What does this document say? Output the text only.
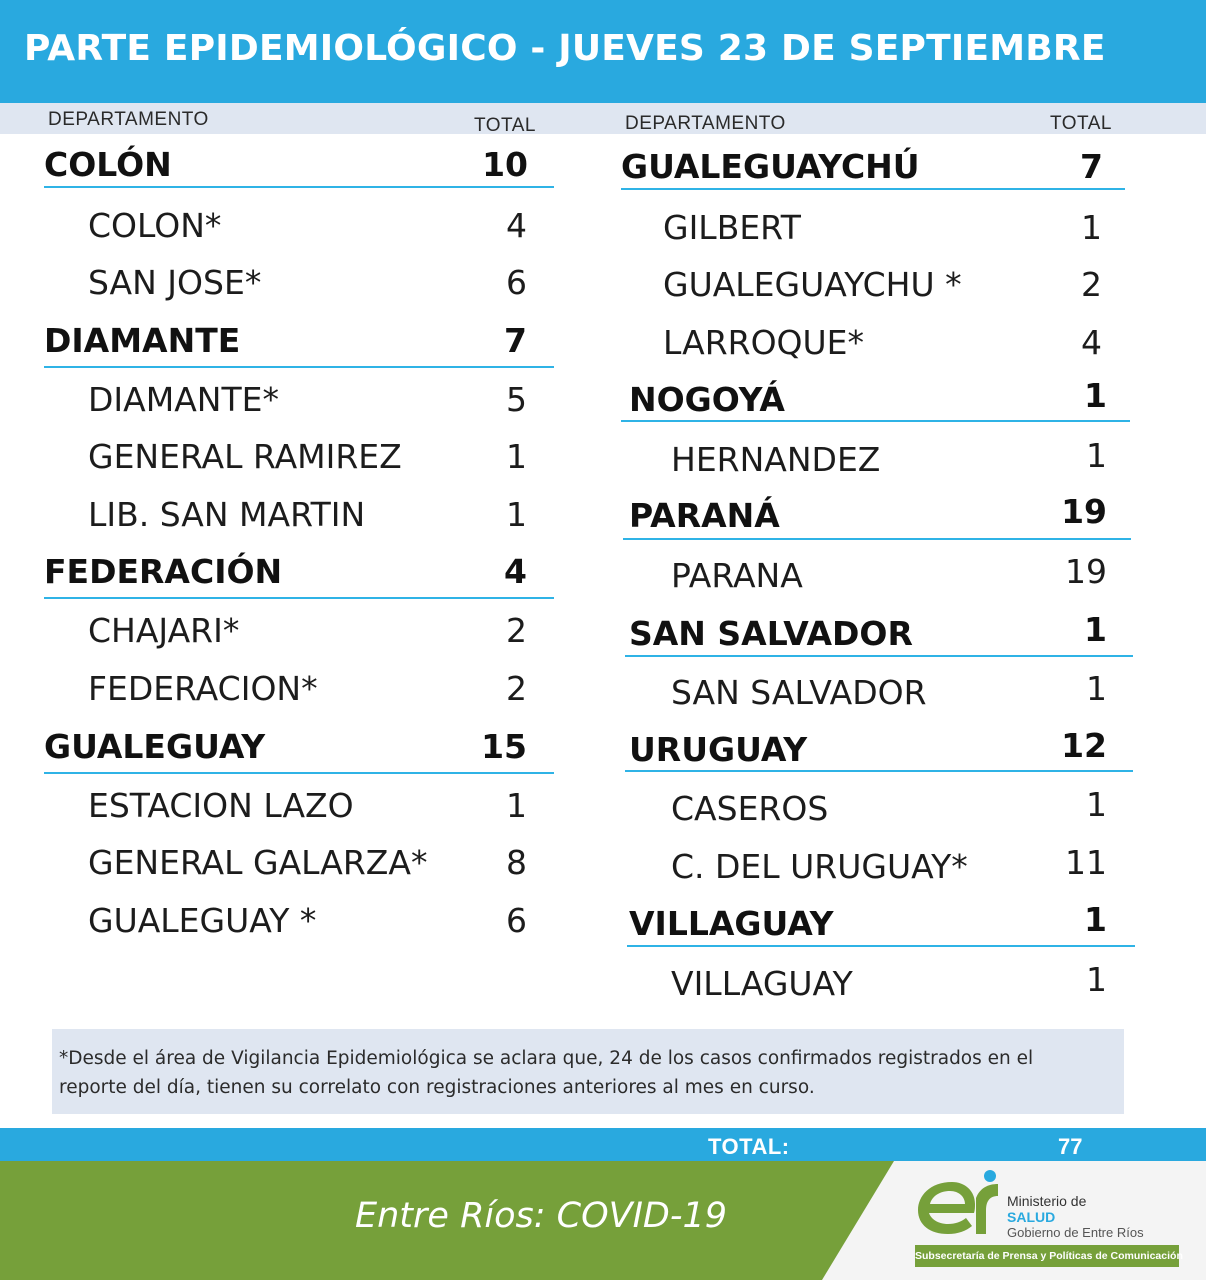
PARTE EPIDEMIOLÓGICO - JUEVES 23 DE SEPTIEMBRE
DEPARTAMENTO	TOTAL	DEPARTAMENTO	TOTAL
COLÓN	10
COLON*	4
SAN JOSE*	6
DIAMANTE	7
DIAMANTE*	5
GENERAL RAMIREZ	1
LIB. SAN MARTIN	1
FEDERACIÓN	4
CHAJARI*	2
FEDERACION*	2
GUALEGUAY	15
ESTACION LAZO	1
GENERAL GALARZA* 8
GUALEGUAY *	6
GUALEGUAYCHÚ	7
GILBERT	1
GUALEGUAYCHU *	2
LARROQUE*	4
NOGOYÁ	1
HERNANDEZ	1
PARANÁ	19
PARANA	19
SAN SALVADOR	1
SAN SALVADOR	1
URUGUAY	12
CASEROS	1
C. DEL URUGUAY*	11
VILLAGUAY	1
VILLAGUAY	1
*Desde el área de Vigilancia Epidemiológica se aclara que, 24 de los casos confirmados registrados en el
reporte del día, tienen su correlato con registraciones anteriores al mes en curso.
TOTAL:	77
Entre Ríos: COVID-19	Ministerio de
SALUD
Gobierno de Entre Ríos
Subsecretaría de Prensa y Políticas de Comunicación
